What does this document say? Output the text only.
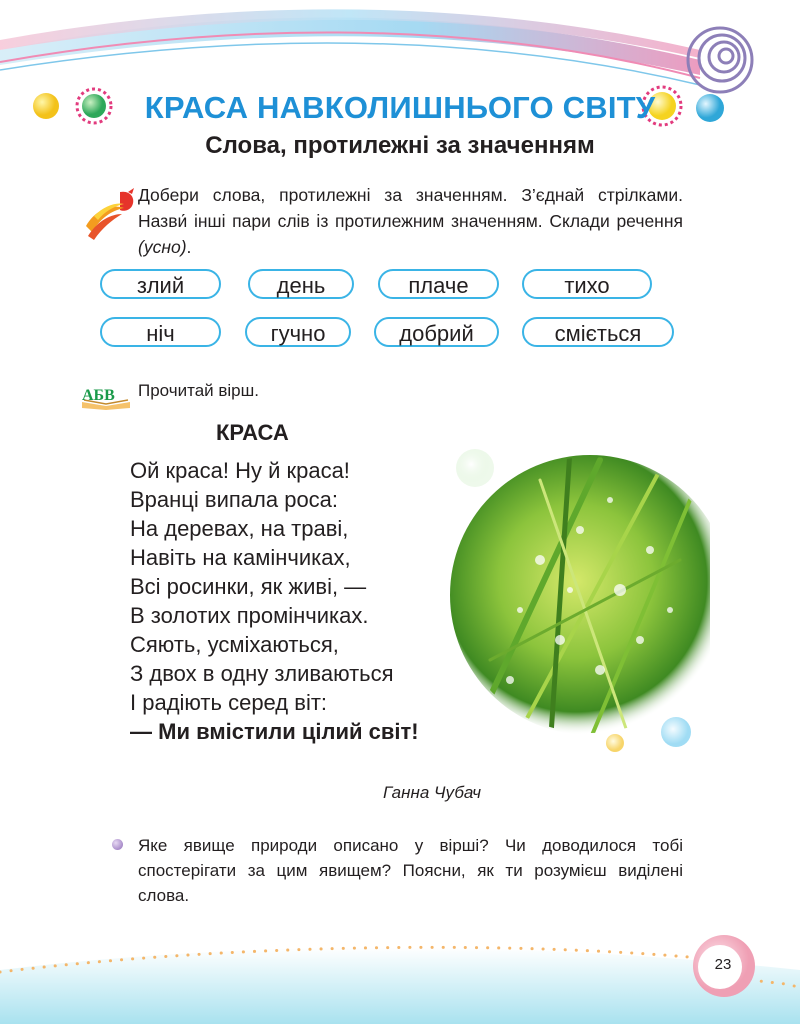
КРАСА НАВКОЛИШНЬОГО СВІТУ
Слова, протилежні за значенням
Добери слова, протилежні за значенням. З’єднай стрілками. Назви́ інші пари слів із протилежним значенням. Склади речення (усно).
злий	день	плаче	тихо
ніч	гучно	добрий	сміється
АБВ Прочитай вірш.
КРАСА
Ой краса! Ну й краса!
Вранці випала роса:
На деревах, на траві,
Навіть на камінчиках,
Всі росинки, як живі, —
В золотих промінчиках.
Сяють, усміхаються,
З двох в одну зливаються
І радіють серед віт:
— Ми вмістили цілий світ!
Ганна Чубач
Яке явище природи описано у вірші? Чи доводилося тобі спостерігати за цим явищем? Поясни, як ти розумієш виділені слова.
23
